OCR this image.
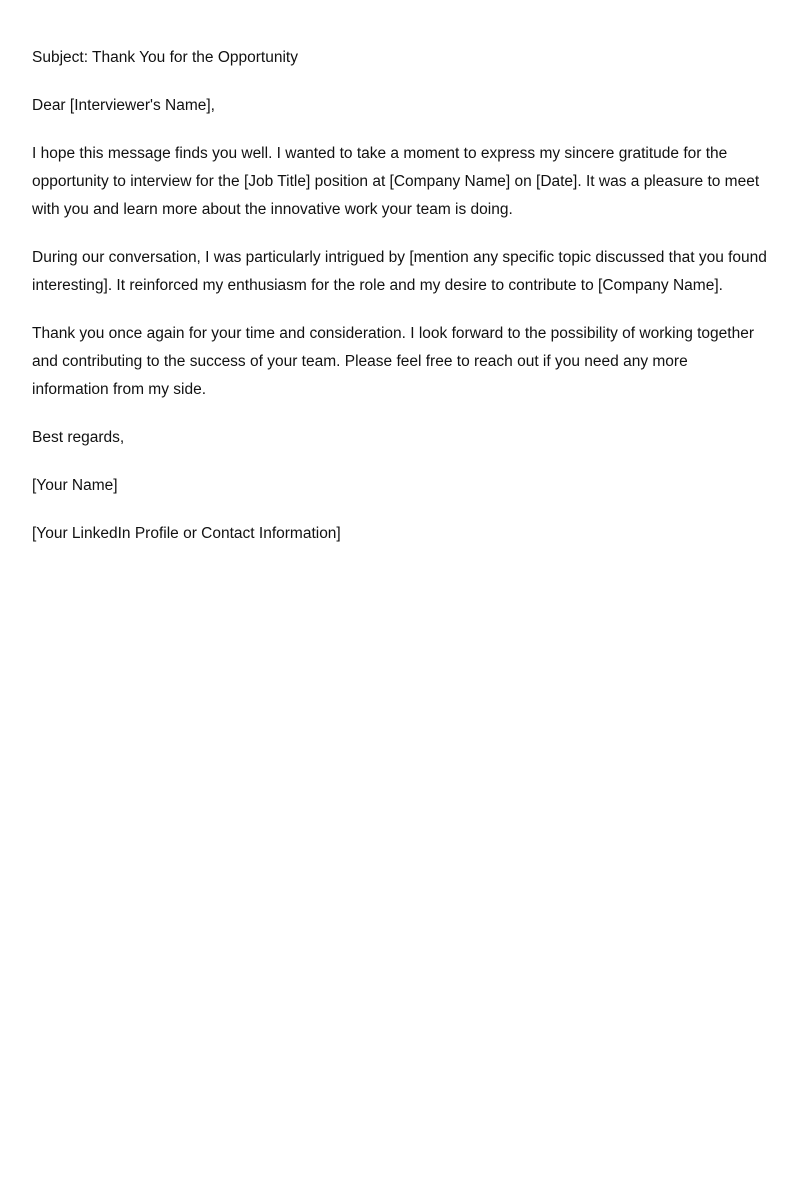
Subject: Thank You for the Opportunity

Dear [Interviewer's Name],

I hope this message finds you well. I wanted to take a moment to express my sincere gratitude for the opportunity to interview for the [Job Title] position at [Company Name] on [Date]. It was a pleasure to meet with you and learn more about the innovative work your team is doing.

During our conversation, I was particularly intrigued by [mention any specific topic discussed that you found interesting]. It reinforced my enthusiasm for the role and my desire to contribute to [Company Name].

Thank you once again for your time and consideration. I look forward to the possibility of working together and contributing to the success of your team. Please feel free to reach out if you need any more information from my side.

Best regards,

[Your Name]

[Your LinkedIn Profile or Contact Information]
